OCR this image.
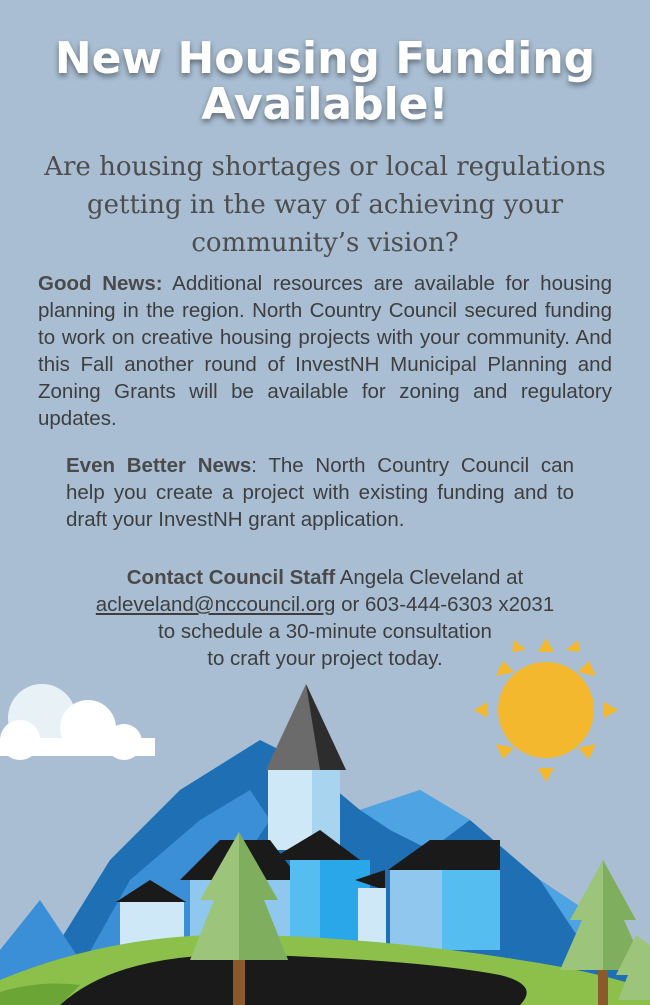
New Housing Funding
Available!
Are housing shortages or local regulations
getting in the way of achieving your
community’s vision?
Good News: Additional resources are available for housing planning in the region. North Country Council secured funding to work on creative housing projects with your community. And this Fall another round of InvestNH Municipal Planning and Zoning Grants will be available for zoning and regulatory updates.
Even Better News: The North Country Council can help you create a project with existing funding and to draft your InvestNH grant application.
Contact Council Staff Angela Cleveland at
acleveland@nccouncil.org or 603-444-6303 x2031
to schedule a 30-minute consultation
to craft your project today.
